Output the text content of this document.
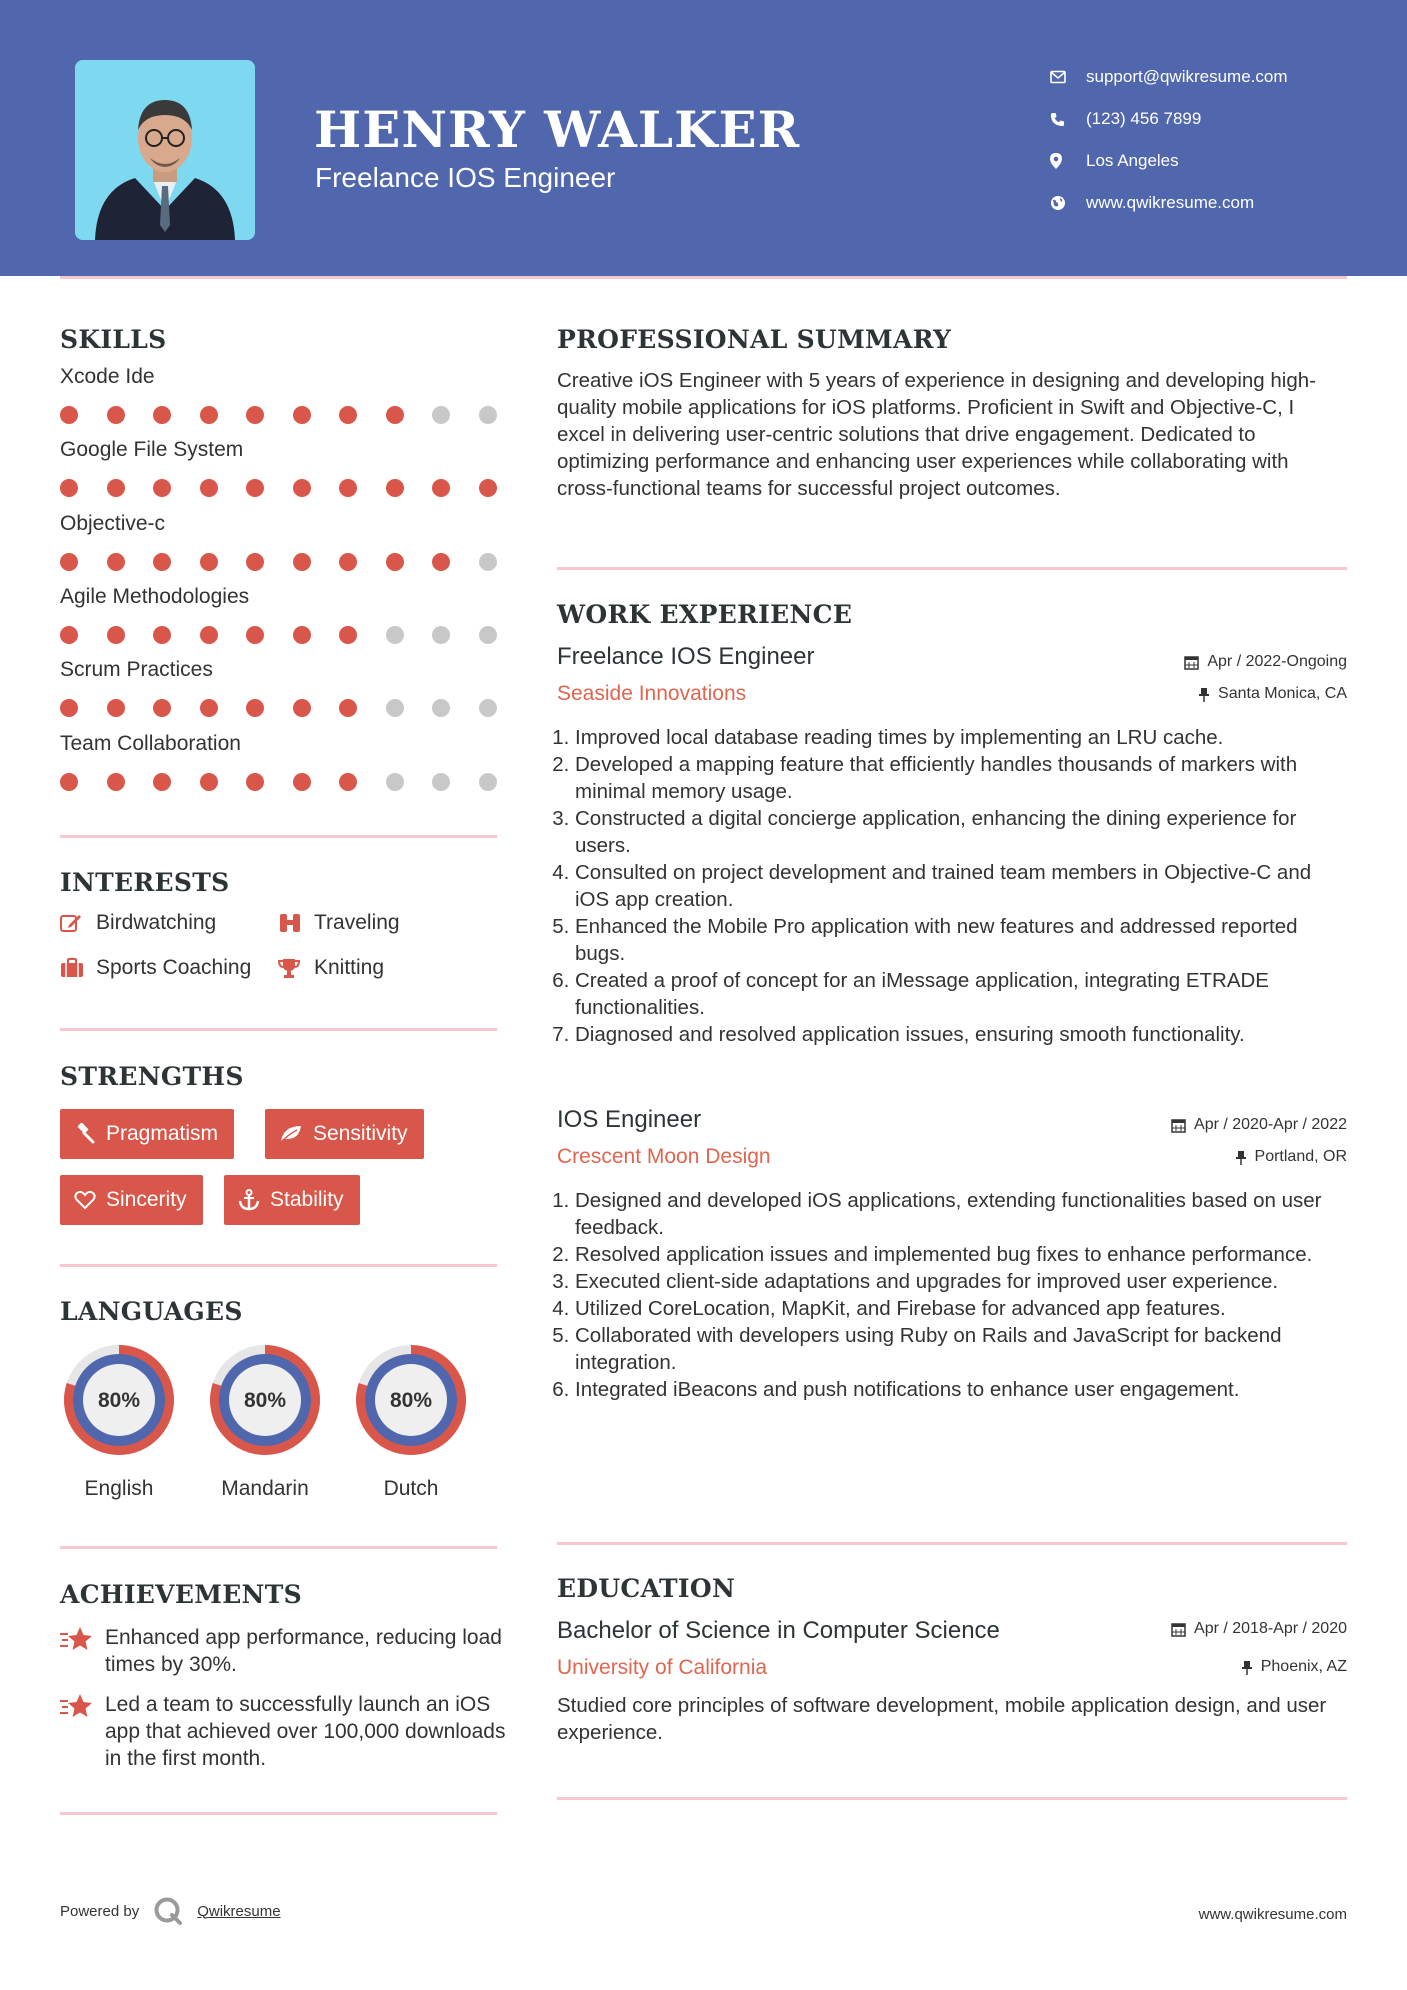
HENRY WALKER
Freelance IOS Engineer
support@qwikresume.com
(123) 456 7899
Los Angeles
www.qwikresume.com
SKILLS
Xcode Ide
Google File System
Objective-c
Agile Methodologies
Scrum Practices
Team Collaboration
INTERESTS
Birdwatching	Traveling
Sports Coaching	Knitting
STRENGTHS
Pragmatism	Sensitivity
Sincerity	Stability
LANGUAGES
80%
English
80%
Mandarin
80%
Dutch
ACHIEVEMENTS
Enhanced app performance, reducing load times by 30%.
Led a team to successfully launch an iOS app that achieved over 100,000 downloads in the first month.
PROFESSIONAL SUMMARY
Creative iOS Engineer with 5 years of experience in designing and developing high-quality mobile applications for iOS platforms. Proficient in Swift and Objective-C, I excel in delivering user-centric solutions that drive engagement. Dedicated to optimizing performance and enhancing user experiences while collaborating with cross-functional teams for successful project outcomes.
WORK EXPERIENCE
Freelance IOS Engineer	Apr / 2022-Ongoing
Seaside Innovations	Santa Monica, CA
1. Improved local database reading times by implementing an LRU cache.
2. Developed a mapping feature that efficiently handles thousands of markers with minimal memory usage.
3. Constructed a digital concierge application, enhancing the dining experience for users.
4. Consulted on project development and trained team members in Objective-C and iOS app creation.
5. Enhanced the Mobile Pro application with new features and addressed reported bugs.
6. Created a proof of concept for an iMessage application, integrating ETRADE functionalities.
7. Diagnosed and resolved application issues, ensuring smooth functionality.
IOS Engineer	Apr / 2020-Apr / 2022
Crescent Moon Design	Portland, OR
1. Designed and developed iOS applications, extending functionalities based on user feedback.
2. Resolved application issues and implemented bug fixes to enhance performance.
3. Executed client-side adaptations and upgrades for improved user experience.
4. Utilized CoreLocation, MapKit, and Firebase for advanced app features.
5. Collaborated with developers using Ruby on Rails and JavaScript for backend integration.
6. Integrated iBeacons and push notifications to enhance user engagement.
EDUCATION
Bachelor of Science in Computer Science	Apr / 2018-Apr / 2020
University of California	Phoenix, AZ
Studied core principles of software development, mobile application design, and user experience.
Powered by	Qwikresume	www.qwikresume.com
